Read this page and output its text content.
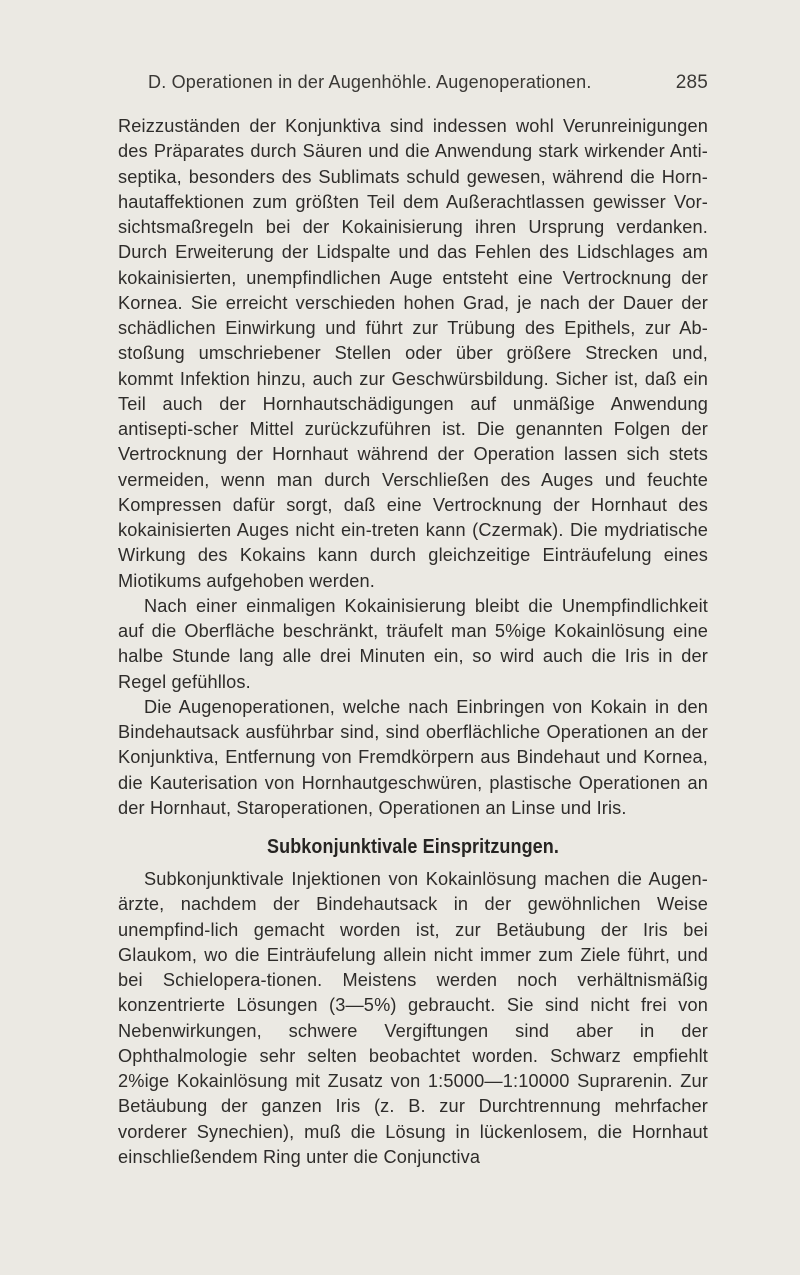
D. Operationen in der Augenhöhle. Augenoperationen.	285

Reizzuständen der Konjunktiva sind indessen wohl Verunreinigungen des Präparates durch Säuren und die Anwendung stark wirkender Anti-septika, besonders des Sublimats schuld gewesen, während die Horn-hautaffektionen zum größten Teil dem Außerachtlassen gewisser Vor-sichtsmaßregeln bei der Kokainisierung ihren Ursprung verdanken. Durch Erweiterung der Lidspalte und das Fehlen des Lidschlages am kokainisierten, unempfindlichen Auge entsteht eine Vertrocknung der Kornea. Sie erreicht verschieden hohen Grad, je nach der Dauer der schädlichen Einwirkung und führt zur Trübung des Epithels, zur Ab-stoßung umschriebener Stellen oder über größere Strecken und, kommt Infektion hinzu, auch zur Geschwürsbildung. Sicher ist, daß ein Teil auch der Hornhautschädigungen auf unmäßige Anwendung antisepti-scher Mittel zurückzuführen ist. Die genannten Folgen der Vertrocknung der Hornhaut während der Operation lassen sich stets vermeiden, wenn man durch Verschließen des Auges und feuchte Kompressen dafür sorgt, daß eine Vertrocknung der Hornhaut des kokainisierten Auges nicht ein-treten kann (Czermak). Die mydriatische Wirkung des Kokains kann durch gleichzeitige Einträufelung eines Miotikums aufgehoben werden.

Nach einer einmaligen Kokainisierung bleibt die Unempfindlichkeit auf die Oberfläche beschränkt, träufelt man 5%ige Kokainlösung eine halbe Stunde lang alle drei Minuten ein, so wird auch die Iris in der Regel gefühllos.

Die Augenoperationen, welche nach Einbringen von Kokain in den Bindehautsack ausführbar sind, sind oberflächliche Operationen an der Konjunktiva, Entfernung von Fremdkörpern aus Bindehaut und Kornea, die Kauterisation von Hornhautgeschwüren, plastische Operationen an der Hornhaut, Staroperationen, Operationen an Linse und Iris.

Subkonjunktivale Einspritzungen.

Subkonjunktivale Injektionen von Kokainlösung machen die Augen-ärzte, nachdem der Bindehautsack in der gewöhnlichen Weise unempfind-lich gemacht worden ist, zur Betäubung der Iris bei Glaukom, wo die Einträufelung allein nicht immer zum Ziele führt, und bei Schielopera-tionen. Meistens werden noch verhältnismäßig konzentrierte Lösungen (3—5%) gebraucht. Sie sind nicht frei von Nebenwirkungen, schwere Vergiftungen sind aber in der Ophthalmologie sehr selten beobachtet worden. Schwarz empfiehlt 2%ige Kokainlösung mit Zusatz von 1:5000—1:10000 Suprarenin. Zur Betäubung der ganzen Iris (z. B. zur Durchtrennung mehrfacher vorderer Synechien), muß die Lösung in lückenlosem, die Hornhaut einschließendem Ring unter die Conjunctiva
